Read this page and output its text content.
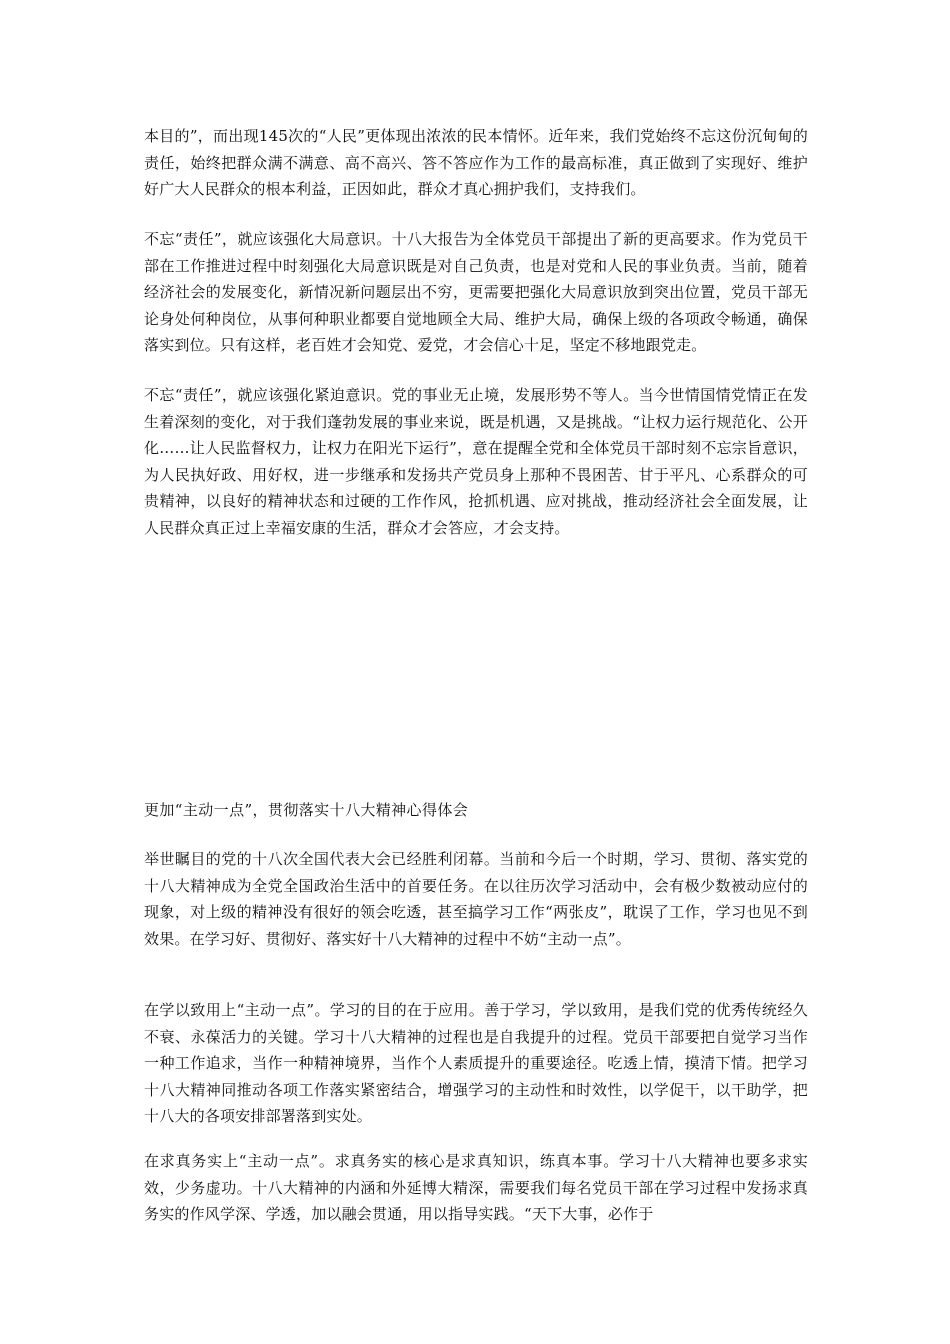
本目的”，而出现145次的“人民”更体现出浓浓的民本情怀。近年来，我们党始终不忘这份沉甸甸的责任，始终把群众满不满意、高不高兴、答不答应作为工作的最高标准，真正做到了实现好、维护好广大人民群众的根本利益，正因如此，群众才真心拥护我们，支持我们。

不忘“责任”，就应该强化大局意识。十八大报告为全体党员干部提出了新的更高要求。作为党员干部在工作推进过程中时刻强化大局意识既是对自己负责，也是对党和人民的事业负责。当前，随着经济社会的发展变化，新情况新问题层出不穷，更需要把强化大局意识放到突出位置，党员干部无论身处何种岗位，从事何种职业都要自觉地顾全大局、维护大局，确保上级的各项政令畅通，确保落实到位。只有这样，老百姓才会知党、爱党，才会信心十足，坚定不移地跟党走。

不忘“责任”，就应该强化紧迫意识。党的事业无止境，发展形势不等人。当今世情国情党情正在发生着深刻的变化，对于我们蓬勃发展的事业来说，既是机遇，又是挑战。“让权力运行规范化、公开化……让人民监督权力，让权力在阳光下运行”，意在提醒全党和全体党员干部时刻不忘宗旨意识，为人民执好政、用好权，进一步继承和发扬共产党员身上那种不畏困苦、甘于平凡、心系群众的可贵精神，以良好的精神状态和过硬的工作作风，抢抓机遇、应对挑战，推动经济社会全面发展，让人民群众真正过上幸福安康的生活，群众才会答应，才会支持。

更加“主动一点”，贯彻落实十八大精神心得体会

举世瞩目的党的十八次全国代表大会已经胜利闭幕。当前和今后一个时期，学习、贯彻、落实党的十八大精神成为全党全国政治生活中的首要任务。在以往历次学习活动中，会有极少数被动应付的现象，对上级的精神没有很好的领会吃透，甚至搞学习工作“两张皮”，耽误了工作，学习也见不到效果。在学习好、贯彻好、落实好十八大精神的过程中不妨“主动一点”。

在学以致用上“主动一点”。学习的目的在于应用。善于学习，学以致用，是我们党的优秀传统经久不衰、永葆活力的关键。学习十八大精神的过程也是自我提升的过程。党员干部要把自觉学习当作一种工作追求，当作一种精神境界，当作个人素质提升的重要途径。吃透上情，摸清下情。把学习十八大精神同推动各项工作落实紧密结合，增强学习的主动性和时效性，以学促干，以干助学，把十八大的各项安排部署落到实处。

在求真务实上“主动一点”。求真务实的核心是求真知识，练真本事。学习十八大精神也要多求实效，少务虚功。十八大精神的内涵和外延博大精深，需要我们每名党员干部在学习过程中发扬求真务实的作风学深、学透，加以融会贯通，用以指导实践。“天下大事，必作于
